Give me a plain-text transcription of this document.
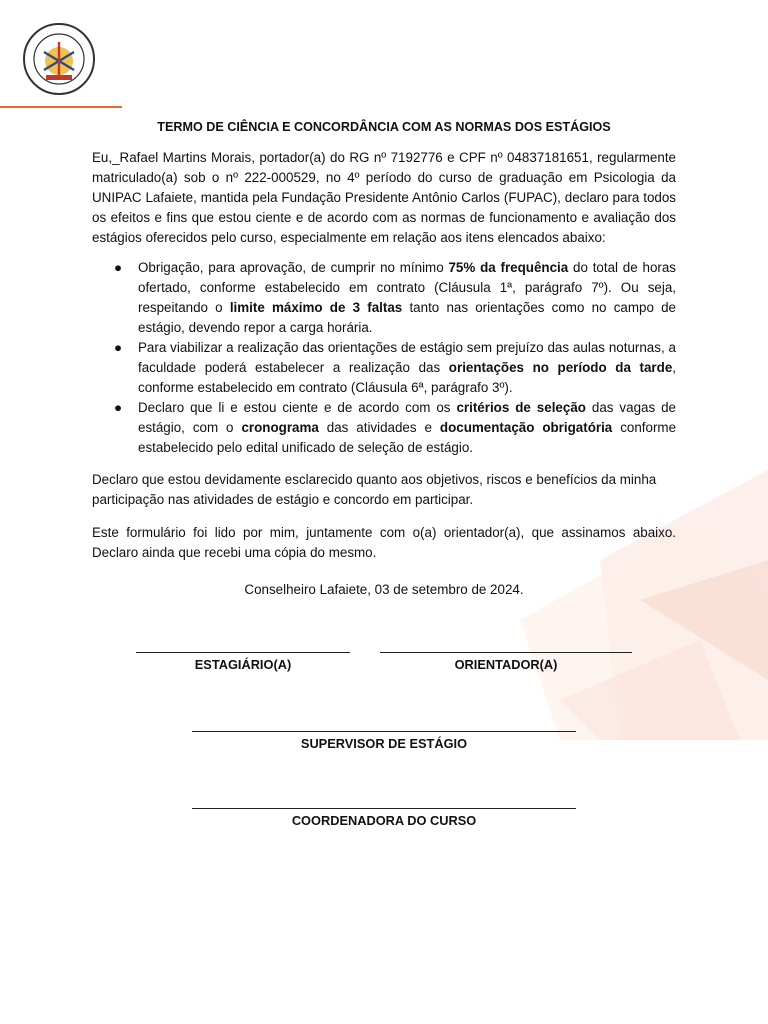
TERMO DE CIÊNCIA E CONCORDÂNCIA COM AS NORMAS DOS ESTÁGIOS

Eu,_Rafael Martins Morais, portador(a) do RG nº 7192776 e CPF nº 04837181651, regularmente matriculado(a) sob o nº 222-000529, no 4º período do curso de graduação em Psicologia da UNIPAC Lafaiete, mantida pela Fundação Presidente Antônio Carlos (FUPAC), declaro para todos os efeitos e fins que estou ciente e de acordo com as normas de funcionamento e avaliação dos estágios oferecidos pelo curso, especialmente em relação aos itens elencados abaixo:

● Obrigação, para aprovação, de cumprir no mínimo 75% da frequência do total de horas ofertado, conforme estabelecido em contrato (Cláusula 1ª, parágrafo 7º). Ou seja, respeitando o limite máximo de 3 faltas tanto nas orientações como no campo de estágio, devendo repor a carga horária.
● Para viabilizar a realização das orientações de estágio sem prejuízo das aulas noturnas, a faculdade poderá estabelecer a realização das orientações no período da tarde, conforme estabelecido em contrato (Cláusula 6ª, parágrafo 3º).
● Declaro que li e estou ciente e de acordo com os critérios de seleção das vagas de estágio, com o cronograma das atividades e documentação obrigatória conforme estabelecido pelo edital unificado de seleção de estágio.

Declaro que estou devidamente esclarecido quanto aos objetivos, riscos e benefícios da minha participação nas atividades de estágio e concordo em participar.

Este formulário foi lido por mim, juntamente com o(a) orientador(a), que assinamos abaixo. Declaro ainda que recebi uma cópia do mesmo.

Conselheiro Lafaiete, 03 de setembro de 2024.
ESTAGIÁRIO(A)	ORIENTADOR(A)
SUPERVISOR DE ESTÁGIO
COORDENADORA DO CURSO
